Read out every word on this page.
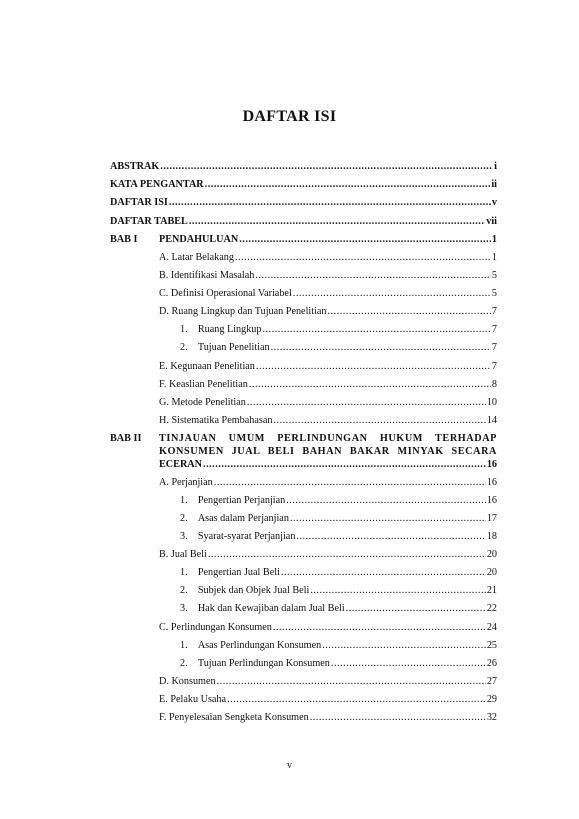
DAFTAR ISI
ABSTRAK .....	i
KATA PENGANTAR .....	ii
DAFTAR ISI .....	v
DAFTAR TABEL .....	vii
BAB I PENDAHULUAN .....	1
A. Latar Belakang .....	1
B. Identifikasi Masalah .....	5
C. Definisi Operasional Variabel .....	5
D. Ruang Lingkup dan Tujuan Penelitian .....	7
1.    Ruang Lingkup .....	7
2.    Tujuan Penelitian .....	7
E. Kegunaan Penelitian .....	7
F. Keaslian Penelitian .....	8
G. Metode Penelitian .....	10
H. Sistematika Pembahasan .....	14
BAB II TINJAUAN UMUM PERLINDUNGAN HUKUM TERHADAP
KONSUMEN JUAL BELI BAHAN BAKAR MINYAK SECARA
ECERAN .....	16
A. Perjanjian .....	16
1.    Pengertian Perjanjian .....	16
2.    Asas dalam Perjanjian .....	17
3.    Syarat-syarat Perjanjian .....	18
B. Jual Beli .....	20
1.    Pengertian Jual Beli .....	20
2.    Subjek dan Objek Jual Beli .....	21
3.    Hak dan Kewajiban dalam Jual Beli .....	22
C. Perlindungan Konsumen .....	24
1.    Asas Perlindungan Konsumen .....	25
2.    Tujuan Perlindungan Konsumen .....	26
D. Konsumen .....	27
E. Pelaku Usaha .....	29
F. Penyelesaian Sengketa Konsumen .....	32
v
